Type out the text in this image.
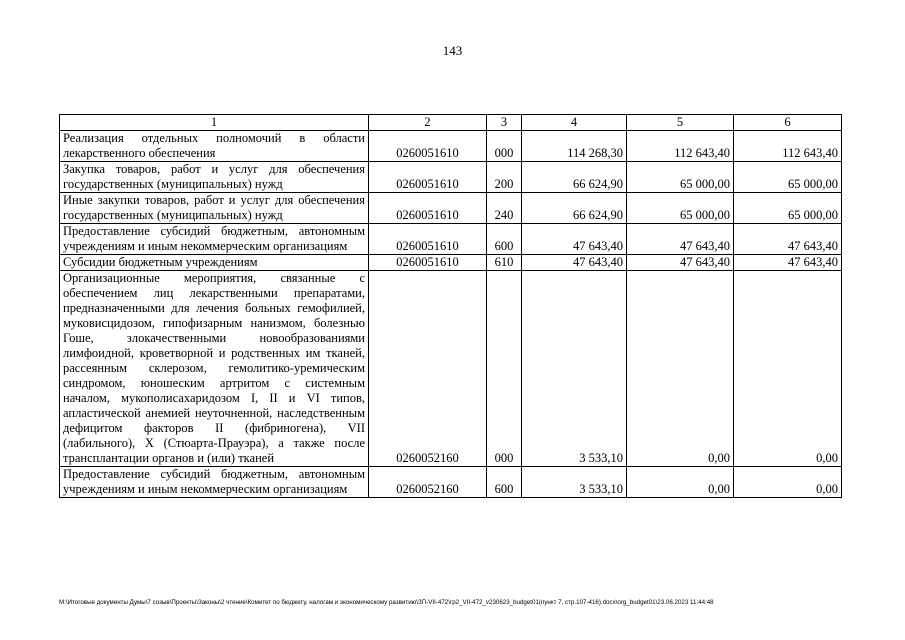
143
1	2	3	4	5	6
Реализация отдельных полномочий в области лекарственного обеспечения	0260051610	000	114 268,30	112 643,40	112 643,40
Закупка товаров, работ и услуг для обеспечения государственных (муниципальных) нужд	0260051610	200	66 624,90	65 000,00	65 000,00
Иные закупки товаров, работ и услуг для обеспечения государственных (муниципальных) нужд	0260051610	240	66 624,90	65 000,00	65 000,00
Предоставление субсидий бюджетным, автономным учреждениям и иным некоммерческим организациям	0260051610	600	47 643,40	47 643,40	47 643,40
Субсидии бюджетным учреждениям	0260051610	610	47 643,40	47 643,40	47 643,40
Организационные мероприятия, связанные с обеспечением лиц лекарственными препаратами, предназначенными для лечения больных гемофилией, муковисцидозом, гипофизарным нанизмом, болезнью Гоше, злокачественными новообразованиями лимфоидной, кроветворной и родственных им тканей, рассеянным склерозом, гемолитико-уремическим синдромом, юношеским артритом с системным началом, мукополисахаридозом I, II и VI типов, апластической анемией неуточненной, наследственным дефицитом факторов II (фибриногена), VII (лабильного), X (Стюарта-Прауэра), а также после трансплантации органов и (или) тканей	0260052160	000	3 533,10	0,00	0,00
Предоставление субсидий бюджетным, автономным учреждениям и иным некоммерческим организациям	0260052160	600	3 533,10	0,00	0,00
M:\Итоговые документы Думы\7 созыв\Проекты\Законы\2 чтение\Комитет по бюджету, налогам и экономическому развитию\ЗП-VII-472\гр2_VII-472_v230623_budget01(пункт 7, стр.107-416).docx\org_budget01\23.06.2023 11:44:48
